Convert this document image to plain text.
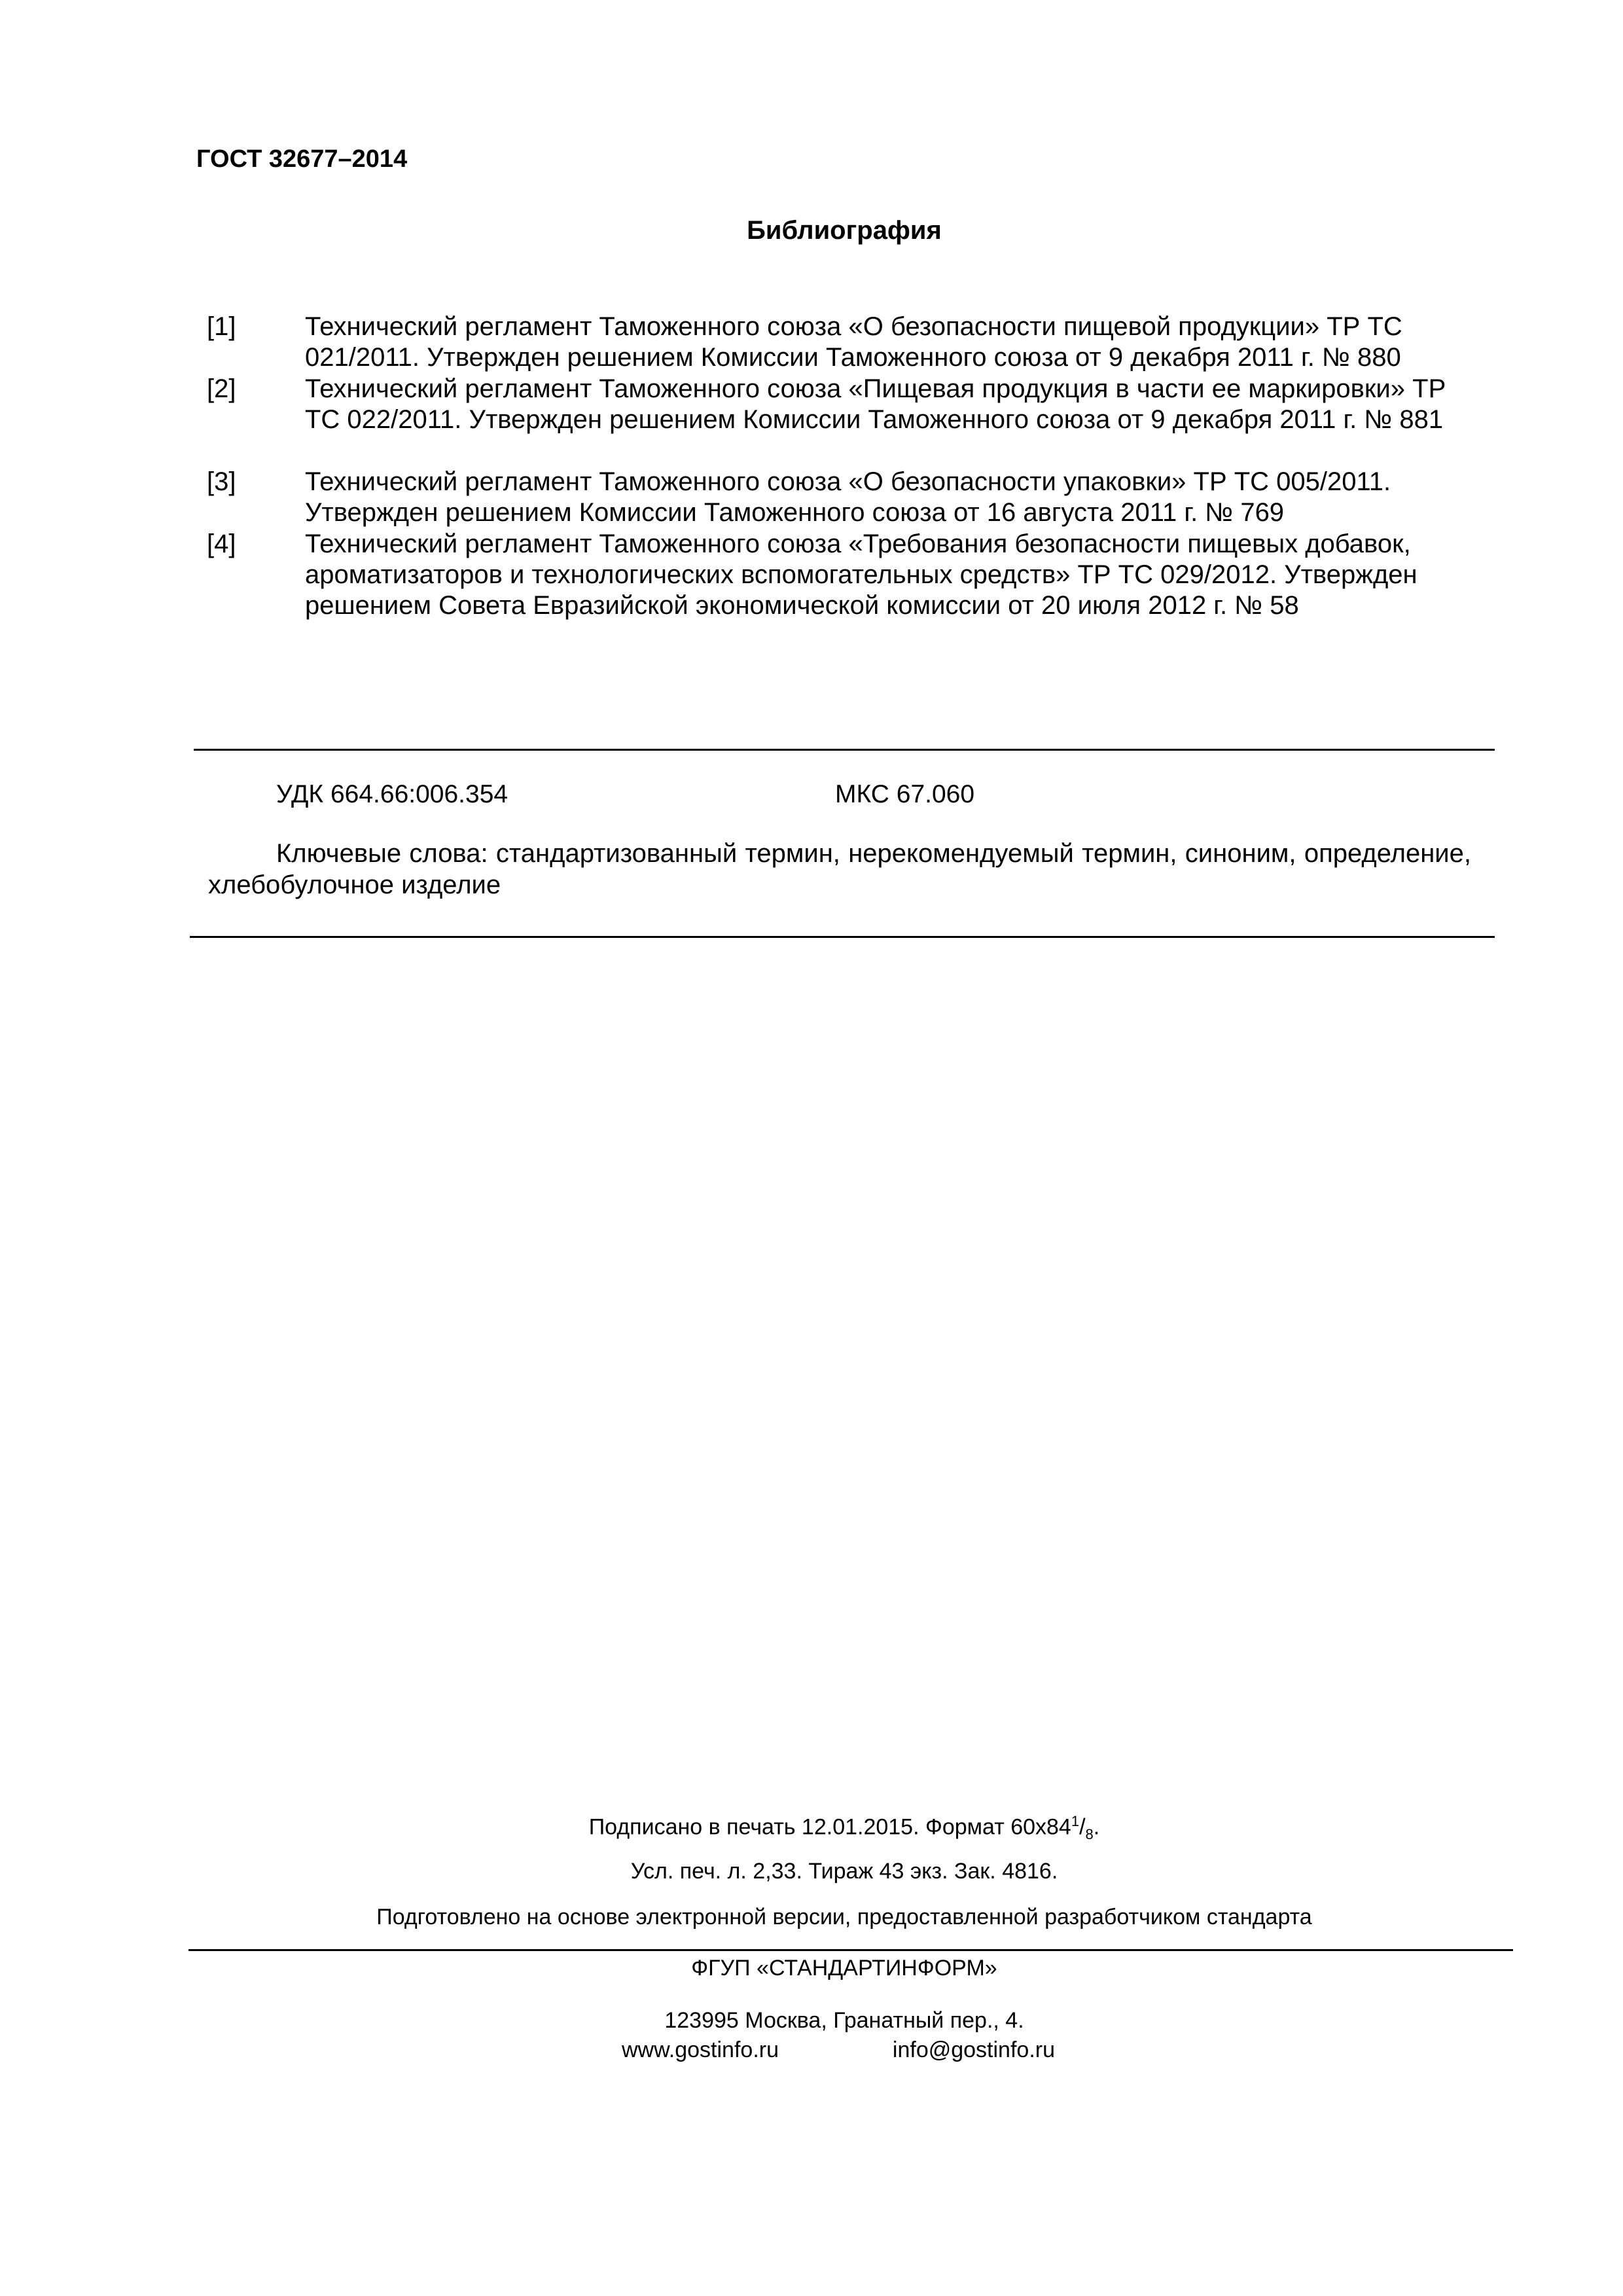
ГОСТ 32677–2014
Библиография
[1]	Технический регламент Таможенного союза «О безопасности пищевой продукции» ТР ТС 021/2011. Утвержден решением Комиссии Таможенного союза от 9 декабря 2011 г. № 880
[2]	Технический регламент Таможенного союза «Пищевая продукция в части ее маркировки» ТР ТС 022/2011. Утвержден решением Комиссии Таможенного союза от 9 декабря 2011 г. № 881
[3]	Технический регламент Таможенного союза «О безопасности упаковки» ТР ТС 005/2011. Утвержден решением Комиссии Таможенного союза от 16 августа 2011 г. № 769
[4]	Технический регламент Таможенного союза «Требования безопасности пищевых добавок, ароматизаторов и технологических вспомогательных средств» ТР ТС 029/2012. Утвержден решением Совета Евразийской экономической комиссии от 20 июля 2012 г. № 58
УДК 664.66:006.354	МКС 67.060
Ключевые слова: стандартизованный термин, нерекомендуемый термин, синоним, определение, хлебобулочное изделие
Подписано в печать 12.01.2015. Формат $60x84^1/_8$.
Усл. печ. л. 2,33. Тираж 43 экз. Зак. 4816.
Подготовлено на основе электронной версии, предоставленной разработчиком стандарта
ФГУП «СТАНДАРТИНФОРМ»
123995 Москва, Гранатный пер., 4.
www.gostinfo.ru	info@gostinfo.ru
